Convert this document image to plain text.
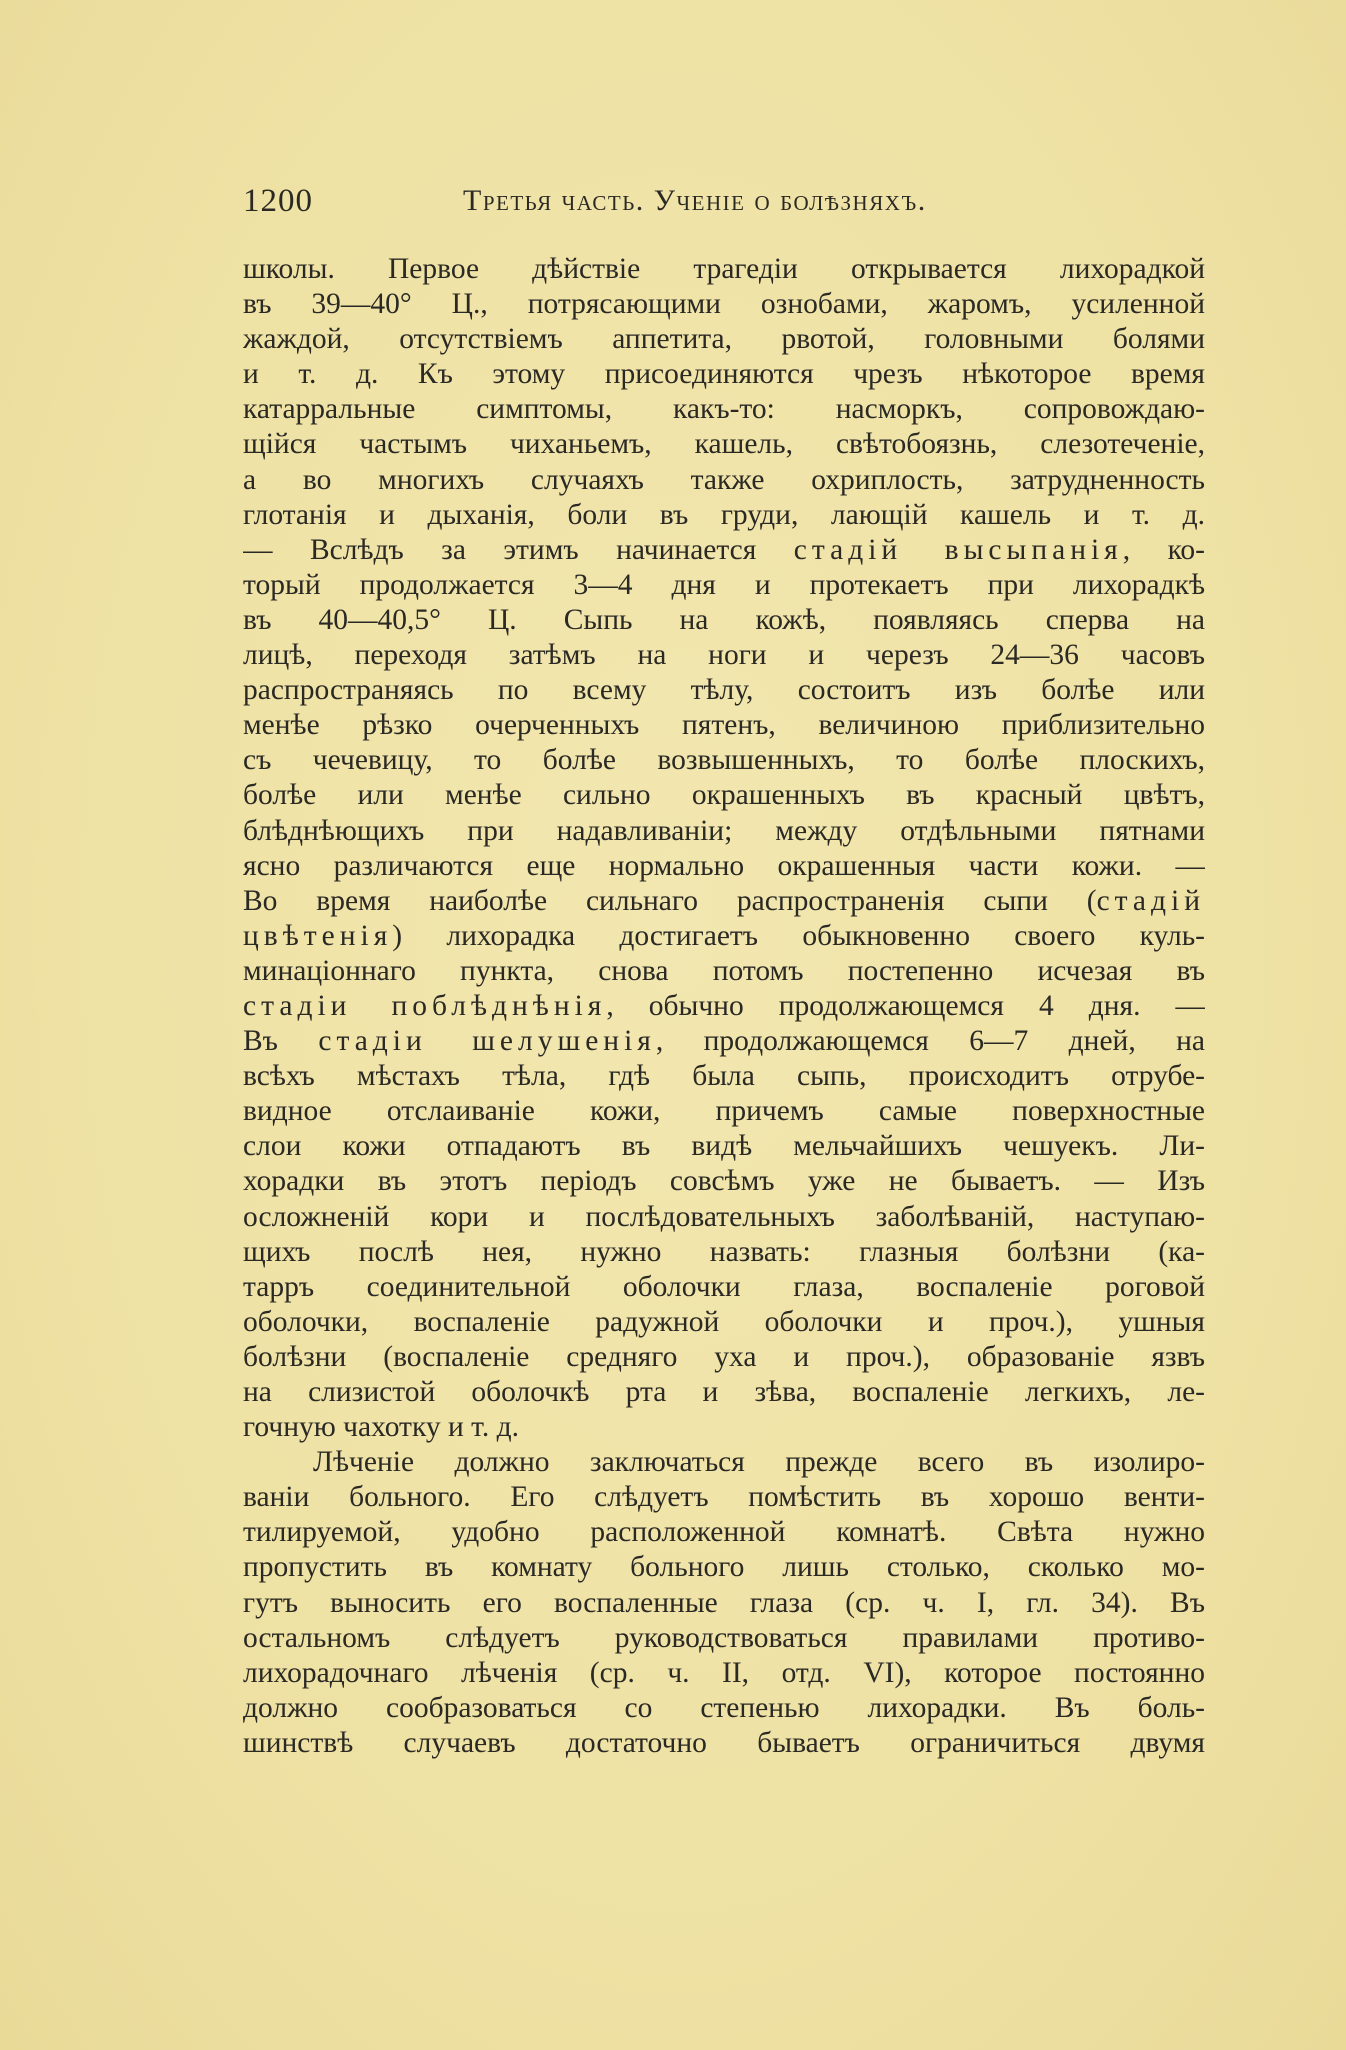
1200	Третья часть. Ученіе о болѣзняхъ.
школы. Первое дѣйствіе трагедіи открывается лихорадкой
въ 39—40° Ц., потрясающими ознобами, жаромъ, усиленной
жаждой, отсутствіемъ аппетита, рвотой, головными болями
и т. д. Къ этому присоединяются чрезъ нѣкоторое время
катарральные симптомы, какъ-то: насморкъ, сопровождаю-
щійся частымъ чиханьемъ, кашель, свѣтобоязнь, слезотеченіе,
а во многихъ случаяхъ также охриплость, затрудненность
глотанія и дыханія, боли въ груди, лающій кашель и т. д.
— Вслѣдъ за этимъ начинается стадій высыпанія, ко-
торый продолжается 3—4 дня и протекаетъ при лихорадкѣ
въ 40—40,5° Ц. Сыпь на кожѣ, появляясь сперва на
лицѣ, переходя затѣмъ на ноги и черезъ 24—36 часовъ
распространяясь по всему тѣлу, состоитъ изъ болѣе или
менѣе рѣзко очерченныхъ пятенъ, величиною приблизительно
съ чечевицу, то болѣе возвышенныхъ, то болѣе плоскихъ,
болѣе или менѣе сильно окрашенныхъ въ красный цвѣтъ,
блѣднѣющихъ при надавливаніи; между отдѣльными пятнами
ясно различаются еще нормально окрашенныя части кожи. —
Во время наиболѣе сильнаго распространенія сыпи (стадій
цвѣтенія) лихорадка достигаетъ обыкновенно своего куль-
минаціоннаго пункта, снова потомъ постепенно исчезая въ
стадіи поблѣднѣнія, обычно продолжающемся 4 дня. —
Въ стадіи шелушенія, продолжающемся 6—7 дней, на
всѣхъ мѣстахъ тѣла, гдѣ была сыпь, происходитъ отрубе-
видное отслаиваніе кожи, причемъ самые поверхностные
слои кожи отпадаютъ въ видѣ мельчайшихъ чешуекъ. Ли-
хорадки въ этотъ періодъ совсѣмъ уже не бываетъ. — Изъ
осложненій кори и послѣдовательныхъ заболѣваній, наступаю-
щихъ послѣ нея, нужно назвать: глазныя болѣзни (ка-
тарръ соединительной оболочки глаза, воспаленіе роговой
оболочки, воспаленіе радужной оболочки и проч.), ушныя
болѣзни (воспаленіе средняго уха и проч.), образованіе язвъ
на слизистой оболочкѣ рта и зѣва, воспаленіе легкихъ, ле-
гочную чахотку и т. д.
Лѣченіе должно заключаться прежде всего въ изолиро-
ваніи больного. Его слѣдуетъ помѣстить въ хорошо венти-
тилируемой, удобно расположенной комнатѣ. Свѣта нужно
пропустить въ комнату больного лишь столько, сколько мо-
гутъ выносить его воспаленные глаза (ср. ч. I, гл. 34). Въ
остальномъ слѣдуетъ руководствоваться правилами противо-
лихорадочнаго лѣченія (ср. ч. II, отд. VI), которое постоянно
должно сообразоваться со степенью лихорадки. Въ боль-
шинствѣ случаевъ достаточно бываетъ ограничиться двумя
